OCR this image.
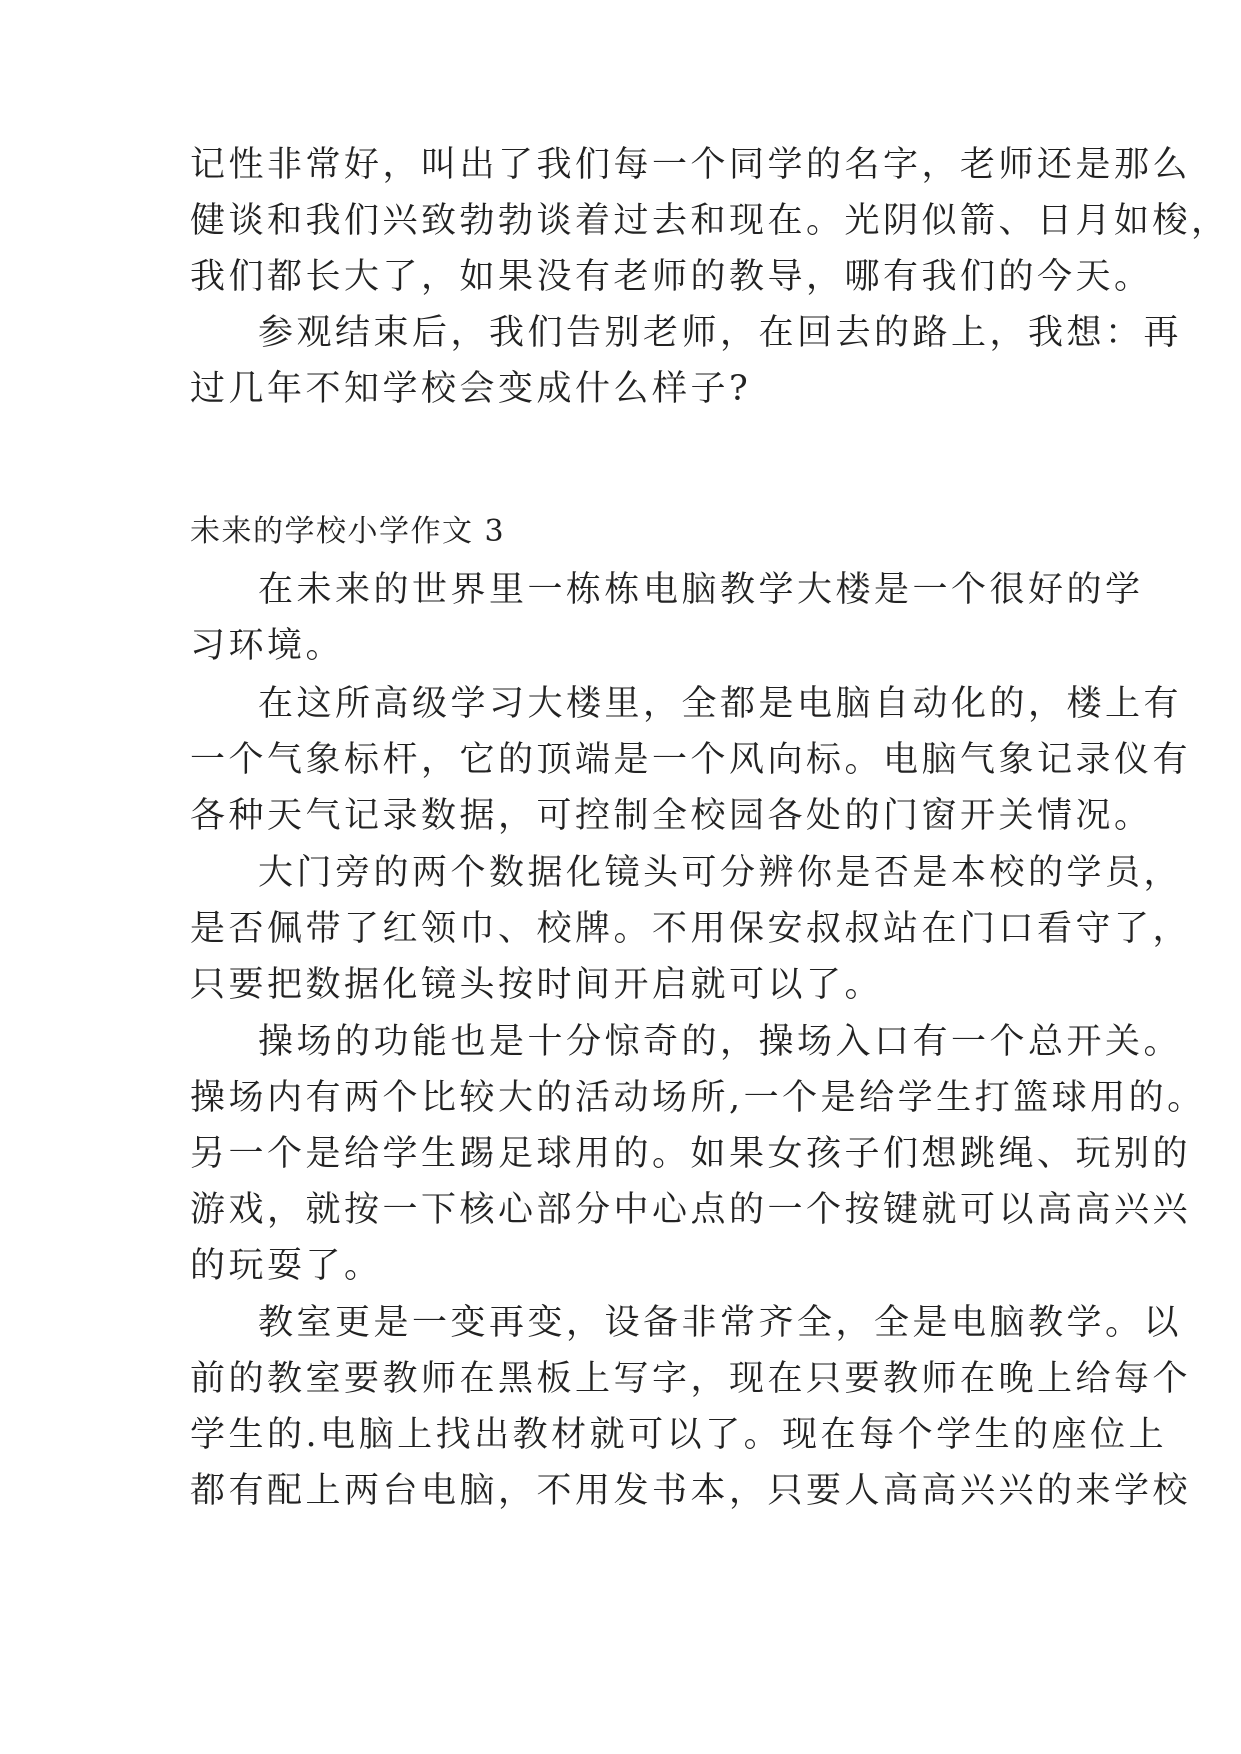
记性非常好，叫出了我们每一个同学的名字，老师还是那么
健谈和我们兴致勃勃谈着过去和现在。光阴似箭、日月如梭，
我们都长大了，如果没有老师的教导，哪有我们的今天。
参观结束后，我们告别老师，在回去的路上，我想：再
过几年不知学校会变成什么样子?
未来的学校小学作文 3
在未来的世界里一栋栋电脑教学大楼是一个很好的学
习环境。
在这所高级学习大楼里，全都是电脑自动化的，楼上有
一个气象标杆，它的顶端是一个风向标。电脑气象记录仪有
各种天气记录数据，可控制全校园各处的门窗开关情况。
大门旁的两个数据化镜头可分辨你是否是本校的学员，
是否佩带了红领巾、校牌。不用保安叔叔站在门口看守了，
只要把数据化镜头按时间开启就可以了。
操场的功能也是十分惊奇的，操场入口有一个总开关。
操场内有两个比较大的活动场所,一个是给学生打篮球用的。
另一个是给学生踢足球用的。如果女孩子们想跳绳、玩别的
游戏，就按一下核心部分中心点的一个按键就可以高高兴兴
的玩耍了。
教室更是一变再变，设备非常齐全，全是电脑教学。以
前的教室要教师在黑板上写字，现在只要教师在晚上给每个
学生的.电脑上找出教材就可以了。现在每个学生的座位上
都有配上两台电脑，不用发书本，只要人高高兴兴的来学校
